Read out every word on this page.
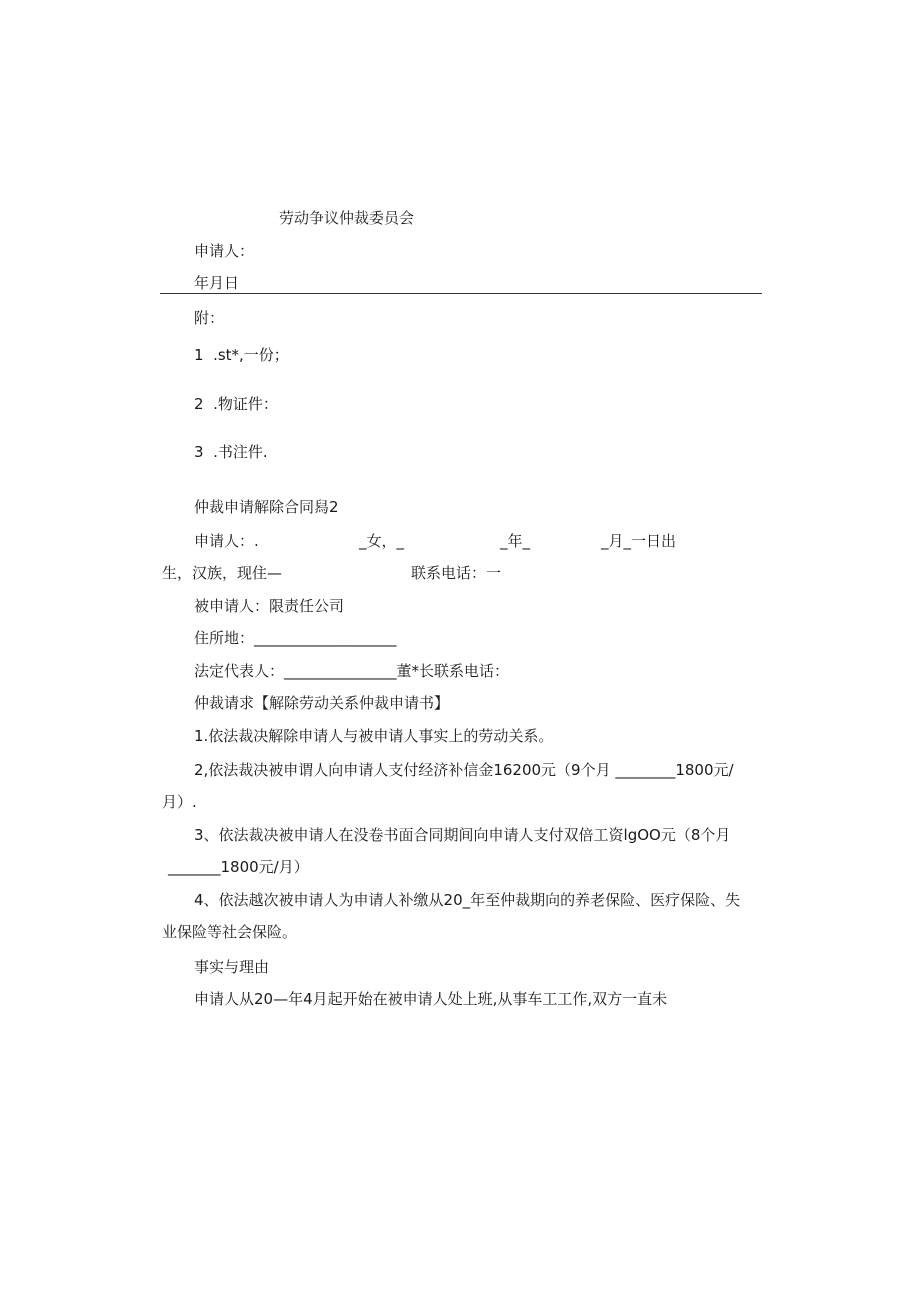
劳动争议仲裁委员会
申请人：
年月日
附：
1  .st*,一份；
2  .物证件：
3  .书注件.
仲裁申请解除合同舄2
申请人：.	_女，_	_年_	_月_一日出
生，汉族，现住—	联系电话：一
被申请人：限责任公司
住所地：___________________
法定代表人：_______________董*长联系电话：
仲裁请求【解除劳动关系仲裁申请书】
1.依法裁决解除申请人与被申请人事实上的劳动关系。
2,依法裁决被申谓人向申请人支付经济补信金16200元（9个月 ________1800元/
月）.
3、依法裁决被申请人在没卷书面合同期间向申请人支付双倍工资lgOO元（8个月
_______1800元/月）
4、依法越次被申请人为申请人补缴从20_年至仲裁期向的养老保险、医疗保险、失
业保险等社会保险。
事实与理由
申请人从20—年4月起开始在被申请人处上班,从事车工工作,双方一直未
